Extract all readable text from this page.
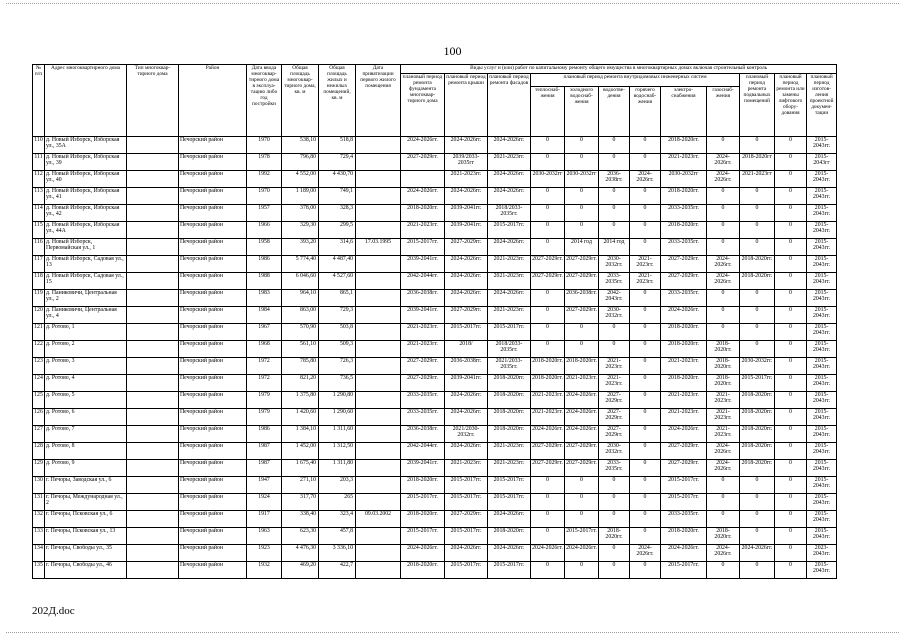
100
№ п/п	Адрес многоквартирного дома	Тип многоквар- тирного дома	Район	Дата ввода многоквар- тирного дома в эксплуа- тацию либо год постройки	Общая площадь многоквар- тирного дома, кв. м	Общая площадь жилых и нежилых помещений, кв. м	Дата приватизации первого жилого помещения	Виды услуг и (или) работ по капитальному ремонту общего имущества в многоквартирных домах включая строительный контроль											
								плановый период ремонта фундамента многоквар- тирного дома	плановый период ремонта крыши	плановый период ремонта фасадов	плановый период ремонта внутридомовых инженерных систем						плановый период ремонта подвальных помещений	плановый период ремонта или замены лифтового обору- дования	плановый период изготов- ления проектной докумен- тации
											теплоснаб- жения	холодного водоснаб- жения	водоотве- дения	горячего водоснаб- жения	электро- снабжения	газоснаб- жения			
110	д. Новый Изборск, Изборская ул., 35А		Печорский район	1970	538,10	518,8		2024-2026гг.	2024-2026гг.	2024-2026гг.	0	0	0	0	2018-2020гг.	0	0	0	2015-2043гг.
111	д. Новый Изборск, Изборская ул., 39		Печорский район	1978	796,80	729,4		2027-2029гг.	2039/2033-2035гг	2021-2023гг.	0	0	0	0	2021-2023гг.	2024-2026гг.	2018-2020гг	0	2015-2043гг
112	д. Новый Изборск, Изборская ул., 40		Печорский район	1992	4 552,00	4 430,70			2021-2023гг.	2024-2026гг.	2030-2032гг	2030-2032гг	2036-2038гг.	2024-2026гг.	2030-2032гг	2024-2026гг.	2021-2023гг	0	2015-2043гг.
113	д. Новый Изборск, Изборская ул., 41		Печорский район	1970	1 189,00	749,1		2024-2026гг.	2024-2026гг.	2024-2026гг.	0	0	0	0	2018-2020гг.	0	0	0	2015-2043гг.
114	д. Новый Изборск, Изборская ул., 42		Печорский район	1957	378,00	328,3		2018-2020гг.	2039-2041гг.	2018/2033-2035гг.	0	0	0	0	2033-2035гг.	0	0	0	2015-2043гг.
115	д. Новый Изборск, Изборская ул., 44А		Печорский район	1966	329,30	299,5		2021-2023гг.	2039-2041гг.	2015-2017гг.	0	0	0	0	2018-2020гг.	0	0	0	2015-2043гг.
116	д. Новый Изборск, Первомайская ул., 1		Печорский район	1958	393,20	314,6	17.03.1995	2015-2017гг.	2027-2029гг.	2024-2026гг.	0	2014 год	2014 год	0	2033-2035гг.	0	0	0	2015-2043гг.
117	д. Новый Изборск, Садовая ул., 13		Печорский район	1986	5 774,40	4 487,40		2039-2041гг.	2024-2026гг.	2021-2023гг.	2027-2029гг.	2027-2029гг.	2030-2032гг.	2021-2023гг.	2027-2029гг.	2024-2026гг.	2018-2020гг.	0	2015-2043гг.
118	д. Новый Изборск, Садовая ул., 15		Печорский район	1988	6 046,60	4 527,60		2042-2044гг.	2024-2026гг.	2021-2023гг.	2027-2029гг.	2027-2029гг.	2033-2035гг.	2021-2023гг.	2027-2029гг.	2024-2026гг.	2018-2020гг.	0	2015-2043гг.
119	д. Паниковичи, Центральная ул., 2		Печорский район	1983	964,10	865,1		2036-2038гг.	2024-2026гг.	2024-2026гг.	0	2036-2038гг.	2042-2043гг.	0	2033-2035гг.	0	0	0	2015-2043гг.
120	д. Паниковичи, Центральная ул., 4		Печорский район	1984	863,00	729,3		2039-2041гг.	2027-2029гг.	2021-2023гг.	0	2027-2029гг.	2030-2032гг.	0	2024-2026гг.	0	0	0	2015-2043гг.
121	д. Ротово, 1		Печорский район	1967	570,90	503,8		2021-2023гг.	2015-2017гг.	2015-2017гг.	0	0	0	0	2018-2020гг.	0	0	0	2015-2043гг.
122	д. Ротово, 2		Печорский район	1968	561,10	509,3		2021-2023гг.	2018/	2018/2033-2035гг.	0	0	0	0	2018-2020гг.	2018-2020гг.	0	0	2015-2043гг.
123	д. Ротово, 3		Печорский район	1972	785,80	726,3		2027-2029гг.	2036-2038гг.	2021/2033-2035гг.	2018-2020гг.	2018-2020гг.	2021-2023гг.	0	2021-2023гг.	2018-2020гг.	2030-2032гг.	0	2015-2043гг.
124	д. Ротово, 4		Печорский район	1972	821,20	736,5		2027-2029гг.	2039-2041гг.	2018-2020гг.	2018-2020гг.	2021-2023гг.	2021-2023гг.	0	2018-2020гг.	2018-2020гг.	2015-2017гг.	0	2015-2043гг.
125	д. Ротово, 5		Печорский район	1979	1 375,80	1 290,80		2033-2035гг.	2024-2026гг.	2018-2020гг.	2021-2023гг.	2024-2026гг.	2027-2029гг.	0	2021-2023гг.	2021-2023гг.	2018-2020гг.	0	2015-2043гг.
126	д. Ротово, 6		Печорский район	1979	1 420,60	1 290,60		2033-2035гг.	2024-2026гг.	2018-2020гг.	2021-2023гг.	2024-2026гг.	2027-2029гг.	0	2021-2023гг.	2021-2023гг.	2018-2020гг.	0	2015-2043гг.
127	д. Ротово, 7		Печорский район	1986	1 384,10	1 311,60		2036-2038гг.	2021/2030-2032гг.	2018-2020гг.	2024-2026гг.	2024-2026гг.	2027-2029гг.	0	2024-2026гг.	2021-2023гг.	2018-2020гг.	0	2015-2043гг.
128	д. Ротово, 8		Печорский район	1987	1 452,00	1 312,50		2042-2044гг.	2024-2026гг.	2021-2023гг.	2027-2029гг.	2027-2029гг.	2030-2032гг.	0	2027-2029гг.	2024-2026гг.	2018-2020гг.	0	2015-2043гг.
129	д. Ротово, 9		Печорский район	1987	1 675,40	1 311,80		2039-2041гг.	2021-2023гг.	2021-2023гг.	2027-2029гг.	2027-2029гг.	2033-2035гг.	0	2027-2029гг.	2024-2026гг.	2018-2020гг.	0	2015-2043гг.
130	г. Печоры, Заводская ул., 6		Печорский район	1947	271,10	203,3		2018-2020гг.	2015-2017гг.	2015-2017гг.	0	0	0	0	2015-2017гг.	0	0	0	2015-2043гг.
131	г. Печоры, Международная ул., 2		Печорский район	1924	317,70	265		2015-2017гг.	2015-2017гг.	2015-2017гг.	0	0	0	0	2015-2017гг.	0	0	0	2015-2043гг.
132	г. Печоры, Псковская ул., 6		Печорский район	1917	338,40	323,4	09.03.2002	2018-2020гг.	2027-2029гг.	2024-2026гг.	0	0	0	0	2033-2035гг.	0	0	0	2015-2043гг.
133	г. Печоры, Псковская ул., 13		Печорский район	1963	623,30	457,8		2015-2017гг.	2015-2017гг.	2018-2020гг.	0	2015-2017гг.	2018-2020гг.	0	2018-2020гг.	2018-2020гг.	0	0	2015-2043гг.
134	г. Печоры, Свободы ул., 35		Печорский район	1923	4 476,30	3 336,10		2024-2026гг.	2024-2026гг.	2024-2026гг.	2024-2026гг.	2024-2026гг.	0	2024-2026гг.	2024-2026гг.	2024-2026гг.	2024-2026гг.	0	2023-2043гг.
135	г. Печоры, Свободы ул., 46		Печорский район	1932	469,20	422,7		2018-2020гг.	2015-2017гг.	2015-2017гг.	0	0	0	0	2015-2017гг.	0	0	0	2015-2043гг.
202Д.doc
